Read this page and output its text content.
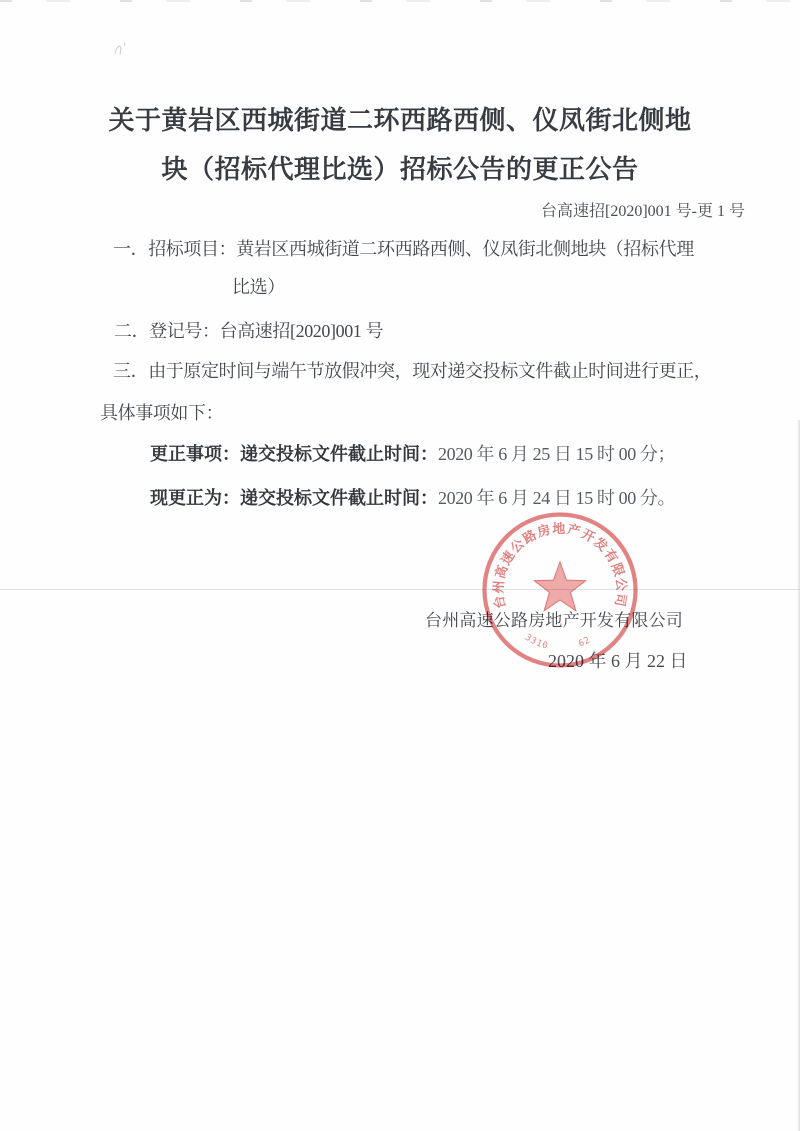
关于黄岩区西城街道二环西路西侧、仪凤街北侧地
块（招标代理比选）招标公告的更正公告
台高速招[2020]001 号-更 1 号
一．招标项目：黄岩区西城街道二环西路西侧、仪凤街北侧地块（招标代理
比选）
二．登记号：台高速招[2020]001 号
三．由于原定时间与端午节放假冲突，现对递交投标文件截止时间进行更正，
具体事项如下：
更正事项：递交投标文件截止时间：2020 年 6 月 25 日 15 时 00 分；
现更正为：递交投标文件截止时间：2020 年 6 月 24 日 15 时 00 分。
台州高速公路房地产开发有限公司
2020 年 6 月 22 日
台州高速公路房地产开发有限公司
3310	62
